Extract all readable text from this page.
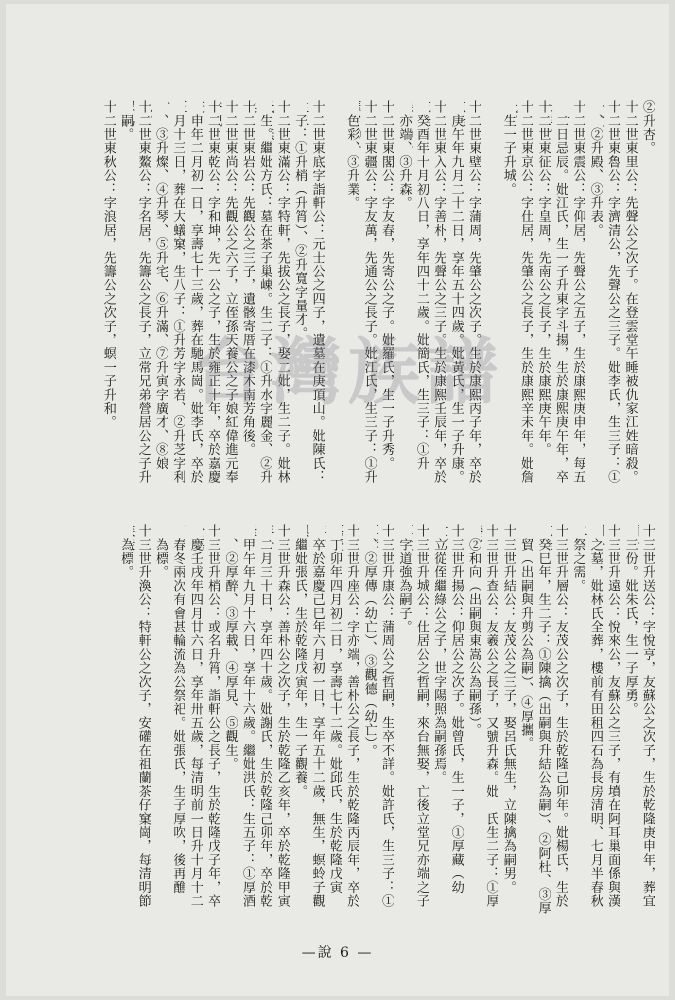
②升杏。
十二世東里公：先聲公之次子。在登雲堂午睡被仇家江姓暗殺。
十二世東魯公：字濟清公，先聲公之三子。妣李氏，生三子：①
　、②升殿、③升表。
十二世東震公：字仰居，先聲公之五子，生於康熙庚申年，每五
　二日忌辰。妣江氏，生一子升東字斗揚，生於康熙庚午年，卒
十二世東征公：字皇周，先南公之長子，生於康熙庚午年。
十二世東京公：字仕居，先肇公之長子，生於康熙辛未年。妣詹
　生一子升城。
十二世東壁公：字蒲周，先肇公之次子。生於康熙丙子年，卒於
　庚午年九月二十二日，享年五十四歲。妣黃氏，生一子升康。
十二世東入公：字善朴，先聲公之三子。生於康熙壬辰年，卒於
　癸酉年十月初八日，享年四十二歲。妣簡氏，生三子：①升
　亦端、③升森。
十二世東閣公：字友春，先寄公之子。妣羅氏，生一子升秀。
十二世東疆公：字友萬，先通公之長子。妣江氏，生三子：①升
　色彩、③升業。
十二世東底字詣軒公：元士公之四子，遺墓在庚頂山。妣陳氏：
　子：①升梢（升筲）、②升寬字量才。
十二世東滿公：字特軒，先拔公之長子，娶二妣，生二子。妣林
　生。繼妣方氏：墓在茶子巢崠。生二子：①升水字麗金、②升
十二世東岩公：先觀公之三子，遺骸寄厝在漆木南芳角後。
十二世東尚公：先觀公之六子，立侄孫天養公之子娘紅偉進元奉
十二世東乾公：字和坤，先一公之子，生於雍正十年，卒於嘉慶
　申年二月初一日，享壽七十三歲，葬在馳馬崗。妣李氏，卒於
　月十三日，葬在大蟻窠，生八子：①升芳字永若、②升芝字利
　、③升燦、④升琴、⑤升宅、⑥升滿、⑦升寅字廣才、⑧娘
十二世東鰲公：字名居，先籌公之長子，立常兄弟營居公之子升
　嗣。
十二世東秋公：字浪居，先籌公之次子，螟一子升和。
十三世升送公：字悅亨，友蘇公之次子，生於乾隆庚申年，葬宜
　三份。妣朱氏，生一子厚勇。
十三世升遠公：悅來公，友蘇公之三子，有墳在阿耳巢面係與漢
　之墓，妣林氏全葬，樓前有田租四石為長房清明、七月半春秋
　祭之需。
十三世升層公：友茂公之次子，生於乾隆己卯年。妣楊氏，生於
　癸巳年，生二子：①陳擒（出嗣與升結公為嗣）、②阿杜、③厚
　貿（出嗣與升剪公為嗣）、④厚攜。
十三世升結公：友茂公之三子，娶呂氏無生，立陳擒為嗣男。
十三世升查公：友羲公之長子，又號升森。妣　氏生二子：①厚
　②和向（出嗣與東嵩公為嗣孫）。
十三世升揚公：仰居公之次子。妣曾氏，生一子，①厚藏（幼
　立從侄繼綠公之子，世字陽照為嗣孫焉。
十三世升城公：仕居公之哲嗣，來台無娶，亡後立堂兄亦端之子
　字道強為嗣子。
十三世升康公：蒲周公之哲嗣，生卒不詳。妣許氏，生三子：①
　、②厚傳（幼亡）、③觀德（幼亡）。
十三世升座公：字亦端，善朴公之長子，生於乾隆丙辰年，卒於
　丁卯年四月初二日，享壽七十二歲。妣邱氏，生於乾隆戊寅
　卒於嘉慶己巳年六月初一日，享年五十二歲，無生，螟蛉子觀
　繼妣張氏，生於乾隆戊寅年，生一子觀養。
十三世升森公：善朴公之次子，生於乾隆乙亥年，卒於乾隆甲寅
　二月三十日，享年四十歲。妣謝氏，生於乾隆己卯年，卒於乾
　甲午年九月十六日，享年十六歲。繼妣洪氏：生五子：①厚酒
　、②厚醉、③厚載、④厚見、⑤觀生。
十三世升梢公：或名升筲，詣軒公之長子，生於乾隆戊子年，卒
　慶壬戌年四月廿六日，享年卅五歲，每清明前一日升十月十二
　春冬兩次有會甚輪流為公祭祀。妣張氏，生子厚吹，後再醮
　為標。
十三世升渙公：特軒公之次子，安礶在祖蘭茶仔窠崗，每清明節
　為標。
台灣族譜
—說 6 —
